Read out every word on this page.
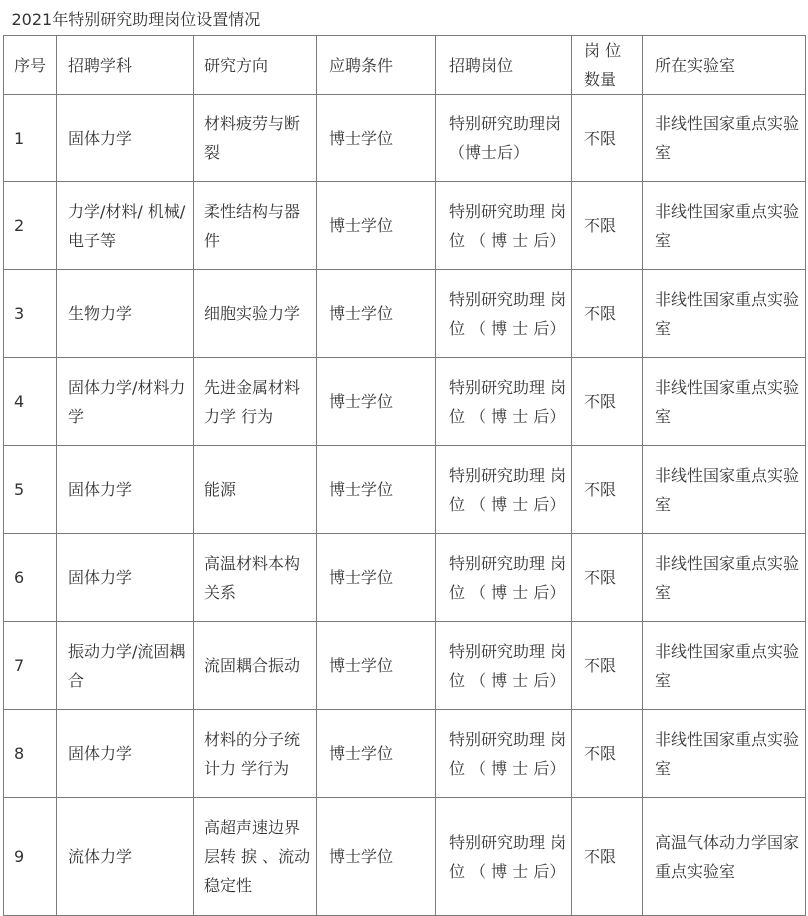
2021年特别研究助理岗位设置情况						
序号	招聘学科	研究方向	应聘条件	招聘岗位	岗 位 数量	所在实验室
1	固体力学	材料疲劳与断裂	博士学位	特别研究助理岗（博士后）	不限	非线性国家重点实验室
2	力学/材料/ 机械/电子等	柔性结构与器件	博士学位	特别研究助理 岗 位 （ 博 士 后）	不限	非线性国家重点实验室
3	生物力学	细胞实验力学	博士学位	特别研究助理 岗 位 （ 博 士 后）	不限	非线性国家重点实验室
4	固体力学/材料力学	先进金属材料力学 行为	博士学位	特别研究助理 岗 位 （ 博 士 后）	不限	非线性国家重点实验室
5	固体力学	能源	博士学位	特别研究助理 岗 位 （ 博 士 后）	不限	非线性国家重点实验室
6	固体力学	高温材料本构关系	博士学位	特别研究助理 岗 位 （ 博 士 后）	不限	非线性国家重点实验室
7	振动力学/流固耦 合	流固耦合振动	博士学位	特别研究助理 岗 位 （ 博 士 后）	不限	非线性国家重点实验室
8	固体力学	材料的分子统计力 学行为	博士学位	特别研究助理 岗 位 （ 博 士 后）	不限	非线性国家重点实验室
9	流体力学	高超声速边界层转 捩 、流动稳定性	博士学位	特别研究助理 岗 位 （ 博 士 后）	不限	高温气体动力学国家重点实验室
